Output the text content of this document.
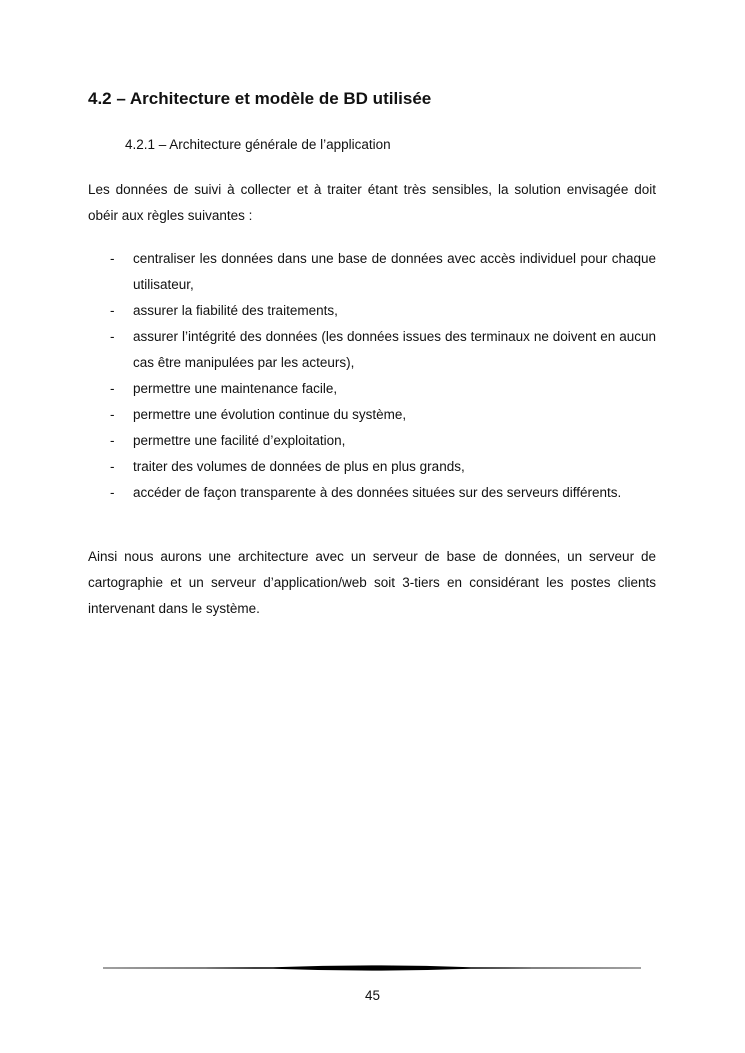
4.2 – Architecture et modèle de BD utilisée
4.2.1 – Architecture générale de l’application

Les données de suivi à collecter et à traiter étant très sensibles, la solution envisagée doit obéir aux règles suivantes :

- centraliser les données dans une base de données avec accès individuel pour chaque utilisateur,
- assurer la fiabilité des traitements,
- assurer l’intégrité des données (les données issues des terminaux ne doivent en aucun cas être manipulées par les acteurs),
- permettre une maintenance facile,
- permettre une évolution continue du système,
- permettre une facilité d’exploitation,
- traiter des volumes de données de plus en plus grands,
- accéder de façon transparente à des données situées sur des serveurs différents.

Ainsi nous aurons une architecture avec un serveur de base de données, un serveur de cartographie et un serveur d’application/web soit 3-tiers en considérant les postes clients intervenant dans le système.

45
